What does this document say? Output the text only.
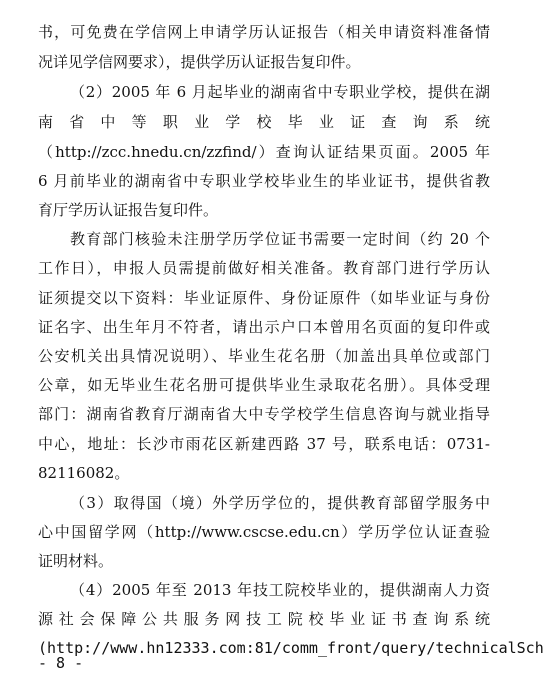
书，可免费在学信网上申请学历认证报告（相关申请资料准备情
况详见学信网要求），提供学历认证报告复印件。
（2）2005 年 6 月起毕业的湖南省中专职业学校，提供在湖
南 省 中 等 职 业 学 校 毕 业 证 查 询 系 统
（http://zcc.hnedu.cn/zzfind/）查询认证结果页面。2005 年
6 月前毕业的湖南省中专职业学校毕业生的毕业证书，提供省教
育厅学历认证报告复印件。
教育部门核验未注册学历学位证书需要一定时间（约 20 个
工作日），申报人员需提前做好相关准备。教育部门进行学历认
证须提交以下资料：毕业证原件、身份证原件（如毕业证与身份
证名字、出生年月不符者，请出示户口本曾用名页面的复印件或
公安机关出具情况说明）、毕业生花名册（加盖出具单位或部门
公章，如无毕业生花名册可提供毕业生录取花名册）。具体受理
部门：湖南省教育厅湖南省大中专学校学生信息咨询与就业指导
中心，地址：长沙市雨花区新建西路 37 号，联系电话：0731-
82116082。
（3）取得国（境）外学历学位的，提供教育部留学服务中
心中国留学网（http://www.cscse.edu.cn）学历学位认证查验
证明材料。
（4）2005 年至 2013 年技工院校毕业的，提供湖南人力资
源社会保障公共服务网技工院校毕业证书查询系统
(http://www.hn12333.com:81/comm_front/query/technicalSch
- 8 -
